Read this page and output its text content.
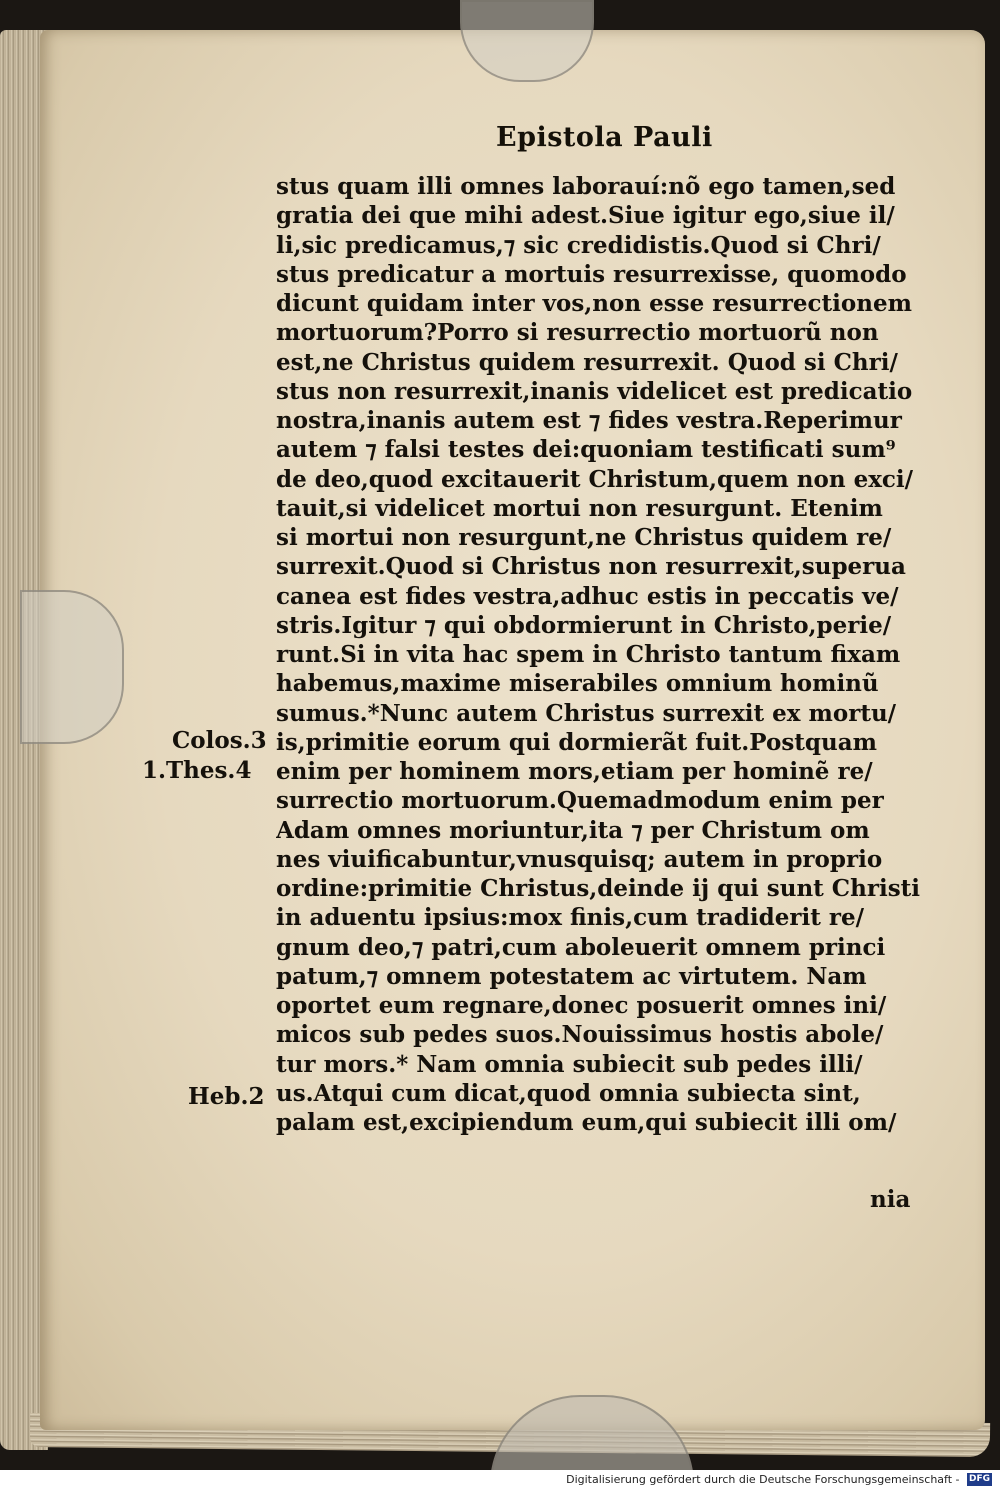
Epistola Pauli
stus quam illi omnes laborauí:nõ ego tamen,sed
gratia dei que mihi adest.Siue igitur ego,siue il/
li,sic predicamus,⁊ sic credidistis.Quod si Chri/
stus predicatur a mortuis resurrexisse, quomodo
dicunt quidam inter vos,non esse resurrectionem
mortuorum?Porro si resurrectio mortuorũ non
est,ne Christus quidem resurrexit. Quod si Chri/
stus non resurrexit,inanis videlicet est predicatio
nostra,inanis autem est ⁊ fides vestra.Reperimur
autem ⁊ falsi testes dei:quoniam testificati sum⁹
de deo,quod excitauerit Christum,quem non exci/
tauit,si videlicet mortui non resurgunt. Etenim
si mortui non resurgunt,ne Christus quidem re/
surrexit.Quod si Christus non resurrexit,superua
canea est fides vestra,adhuc estis in peccatis ve/
stris.Igitur ⁊ qui obdormierunt in Christo,perie/
runt.Si in vita hac spem in Christo tantum fixam
habemus,maxime miserabiles omnium hominũ
sumus.*Nunc autem Christus surrexit ex mortu/
is,primitie eorum qui dormierãt fuit.Postquam
enim per hominem mors,etiam per hominẽ re/
surrectio mortuorum.Quemadmodum enim per
Adam omnes moriuntur,ita ⁊ per Christum om
nes viuificabuntur,vnusquisq; autem in proprio
ordine:primitie Christus,deinde ij qui sunt Christi
in aduentu ipsius:mox finis,cum tradiderit re/
gnum deo,⁊ patri,cum aboleuerit omnem princi
patum,⁊ omnem potestatem ac virtutem. Nam
oportet eum regnare,donec posuerit omnes ini/
micos sub pedes suos.Nouissimus hostis abole/
tur mors.* Nam omnia subiecit sub pedes illi/
us.Atqui cum dicat,quod omnia subiecta sint,
palam est,excipiendum eum,qui subiecit illi om/
Colos.3
1.Thes.4
Heb.2
nia
Digitalisierung gefördert durch die Deutsche Forschungsgemeinschaft - DFG
